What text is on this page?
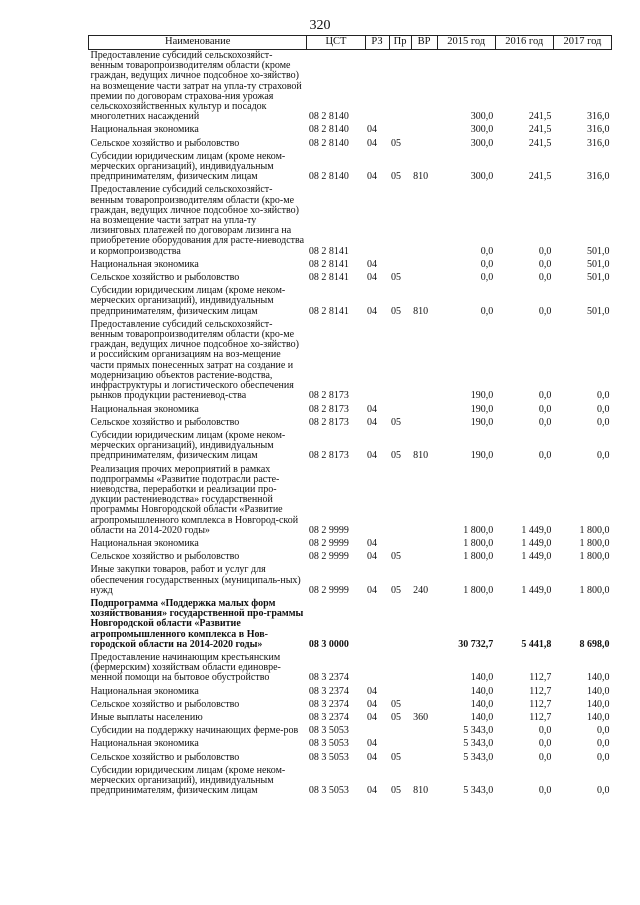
320
Наименование	ЦСТ	РЗ	Пр	ВР	2015 год	2016 год	2017 год
Предоставление субсидий сельскохозяйст-венным товаропроизводителям области (кроме граждан, ведущих личное подсобное хо-зяйство) на возмещение части затрат на упла-ту страховой премии по договорам страхова-ния урожая сельскохозяйственных культур и посадок многолетних насаждений	08 2 8140				300,0	241,5	316,0
Национальная экономика	08 2 8140	04			300,0	241,5	316,0
Сельское хозяйство и рыболовство	08 2 8140	04	05		300,0	241,5	316,0
Субсидии юридическим лицам (кроме неком-мерческих организаций), индивидуальным предпринимателям, физическим лицам	08 2 8140	04	05	810	300,0	241,5	316,0
Предоставление субсидий сельскохозяйст-венным товаропроизводителям области (кро-ме граждан, ведущих личное подсобное хо-зяйство) на возмещение части затрат на упла-ту лизинговых платежей по договорам лизинга на приобретение оборудования для расте-ниеводства и кормопроизводства	08 2 8141				0,0	0,0	501,0
Национальная экономика	08 2 8141	04			0,0	0,0	501,0
Сельское хозяйство и рыболовство	08 2 8141	04	05		0,0	0,0	501,0
Субсидии юридическим лицам (кроме неком-мерческих организаций), индивидуальным предпринимателям, физическим лицам	08 2 8141	04	05	810	0,0	0,0	501,0
Предоставление субсидий сельскохозяйст-венным товаропроизводителям области (кро-ме граждан, ведущих личное подсобное хо-зяйство) и российским организациям на воз-мещение части прямых понесенных затрат на создание и модернизацию объектов растение-водства, инфраструктуры и логистического обеспечения рынков продукции растениевод-ства	08 2 8173				190,0	0,0	0,0
Национальная экономика	08 2 8173	04			190,0	0,0	0,0
Сельское хозяйство и рыболовство	08 2 8173	04	05		190,0	0,0	0,0
Субсидии юридическим лицам (кроме неком-мерческих организаций), индивидуальным предпринимателям, физическим лицам	08 2 8173	04	05	810	190,0	0,0	0,0
Реализация прочих мероприятий в рамках подпрограммы «Развитие подотрасли расте-ниеводства, переработки и реализации про-дукции растениеводства» государственной программы Новгородской области «Развитие агропромышленного комплекса в Новгород-ской области на 2014-2020 годы»	08 2 9999				1 800,0	1 449,0	1 800,0
Национальная экономика	08 2 9999	04			1 800,0	1 449,0	1 800,0
Сельское хозяйство и рыболовство	08 2 9999	04	05		1 800,0	1 449,0	1 800,0
Иные закупки товаров, работ и услуг для обеспечения государственных (муниципаль-ных) нужд	08 2 9999	04	05	240	1 800,0	1 449,0	1 800,0
Подпрограмма «Поддержка малых форм хозяйствования» государственной про-граммы Новгородской области «Развитие агропромышленного комплекса в Нов-городской области на 2014-2020 годы»	08 3 0000				30 732,7	5 441,8	8 698,0
Предоставление начинающим крестьянским (фермерским) хозяйствам области единовре-менной помощи на бытовое обустройство	08 3 2374				140,0	112,7	140,0
Национальная экономика	08 3 2374	04			140,0	112,7	140,0
Сельское хозяйство и рыболовство	08 3 2374	04	05		140,0	112,7	140,0
Иные выплаты населению	08 3 2374	04	05	360	140,0	112,7	140,0
Субсидии на поддержку начинающих ферме-ров	08 3 5053				5 343,0	0,0	0,0
Национальная экономика	08 3 5053	04			5 343,0	0,0	0,0
Сельское хозяйство и рыболовство	08 3 5053	04	05		5 343,0	0,0	0,0
Субсидии юридическим лицам (кроме неком-мерческих организаций), индивидуальным предпринимателям, физическим лицам	08 3 5053	04	05	810	5 343,0	0,0	0,0
